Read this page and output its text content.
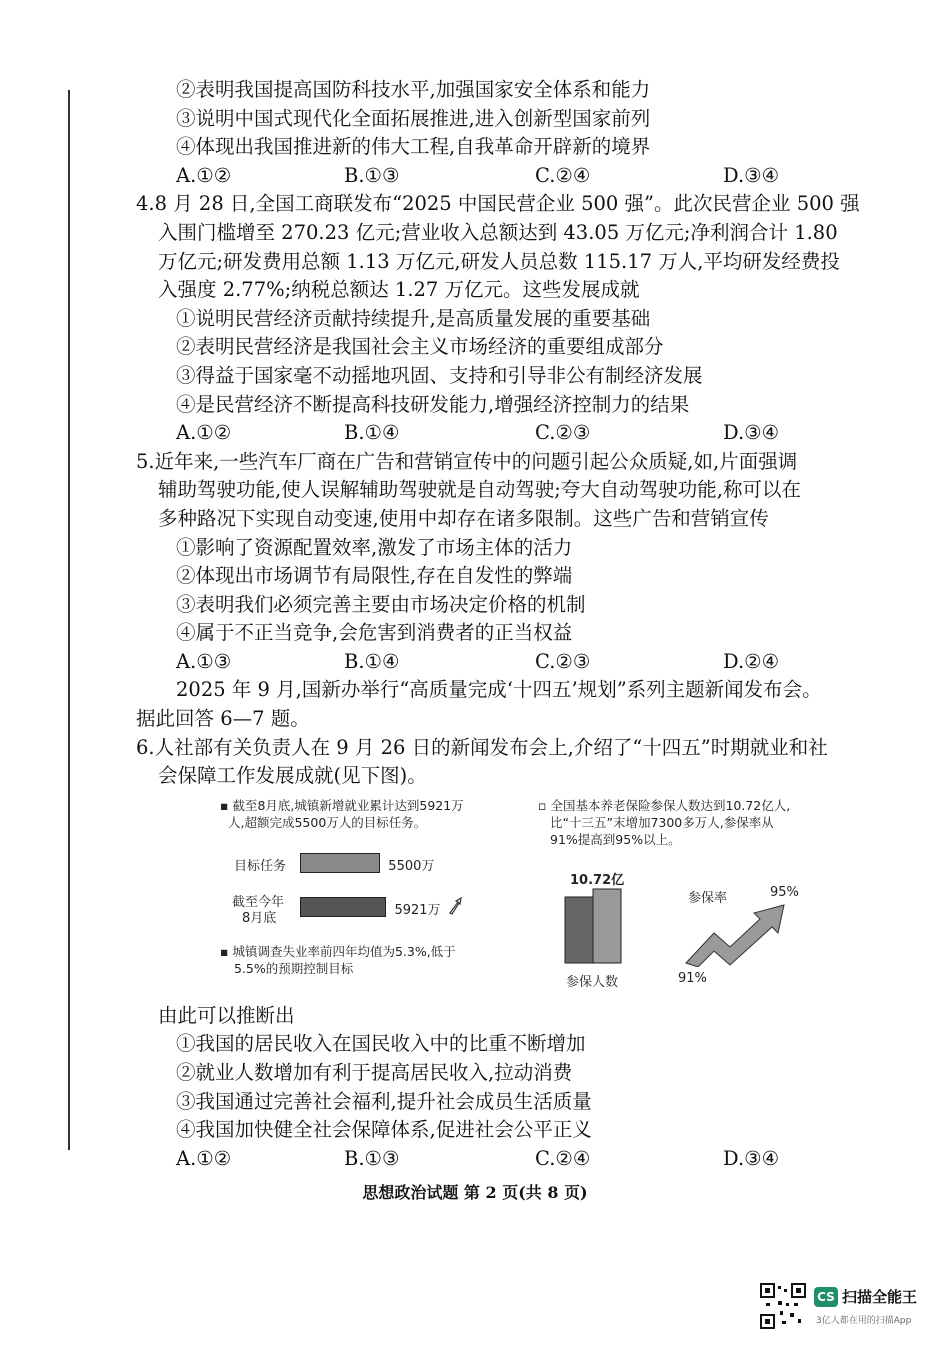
②表明我国提高国防科技水平,加强国家安全体系和能力
③说明中国式现代化全面拓展推进,进入创新型国家前列
④体现出我国推进新的伟大工程,自我革命开辟新的境界
A.①②	B.①③	C.②④	D.③④
4.8 月 28 日,全国工商联发布“2025 中国民营企业 500 强”。此次民营企业 500 强
入围门槛增至 270.23 亿元;营业收入总额达到 43.05 万亿元;净利润合计 1.80
万亿元;研发费用总额 1.13 万亿元,研发人员总数 115.17 万人,平均研发经费投
入强度 2.77%;纳税总额达 1.27 万亿元。这些发展成就
①说明民营经济贡献持续提升,是高质量发展的重要基础
②表明民营经济是我国社会主义市场经济的重要组成部分
③得益于国家毫不动摇地巩固、支持和引导非公有制经济发展
④是民营经济不断提高科技研发能力,增强经济控制力的结果
A.①②	B.①④	C.②③	D.③④
5.近年来,一些汽车厂商在广告和营销宣传中的问题引起公众质疑,如,片面强调
辅助驾驶功能,使人误解辅助驾驶就是自动驾驶;夸大自动驾驶功能,称可以在
多种路况下实现自动变速,使用中却存在诸多限制。这些广告和营销宣传
①影响了资源配置效率,激发了市场主体的活力
②体现出市场调节有局限性,存在自发性的弊端
③表明我们必须完善主要由市场决定价格的机制
④属于不正当竞争,会危害到消费者的正当权益
A.①③	B.①④	C.②③	D.②④
2025 年 9 月,国新办举行“高质量完成‘十四五’规划”系列主题新闻发布会。
据此回答 6—7 题。
6.人社部有关负责人在 9 月 26 日的新闻发布会上,介绍了“十四五”时期就业和社
会保障工作发展成就(见下图)。
▪ 截至8月底,城镇新增就业累计达到5921万
人,超额完成5500万人的目标任务。
目标任务	5500万
截至今年
8月底
5921万
▪ 城镇调查失业率前四年均值为5.3%,低于
5.5%的预期控制目标
▫ 全国基本养老保险参保人数达到10.72亿人,
比“十三五”末增加7300多万人,参保率从
91%提高到95%以上。
10.72亿
参保人数
参保率	95%
91%
由此可以推断出
①我国的居民收入在国民收入中的比重不断增加
②就业人数增加有利于提高居民收入,拉动消费
③我国通过完善社会福利,提升社会成员生活质量
④我国加快健全社会保障体系,促进社会公平正义
A.①②	B.①③	C.②④	D.③④
思想政治试题 第 2 页(共 8 页)
CS 扫描全能王
3亿人都在用的扫描App
